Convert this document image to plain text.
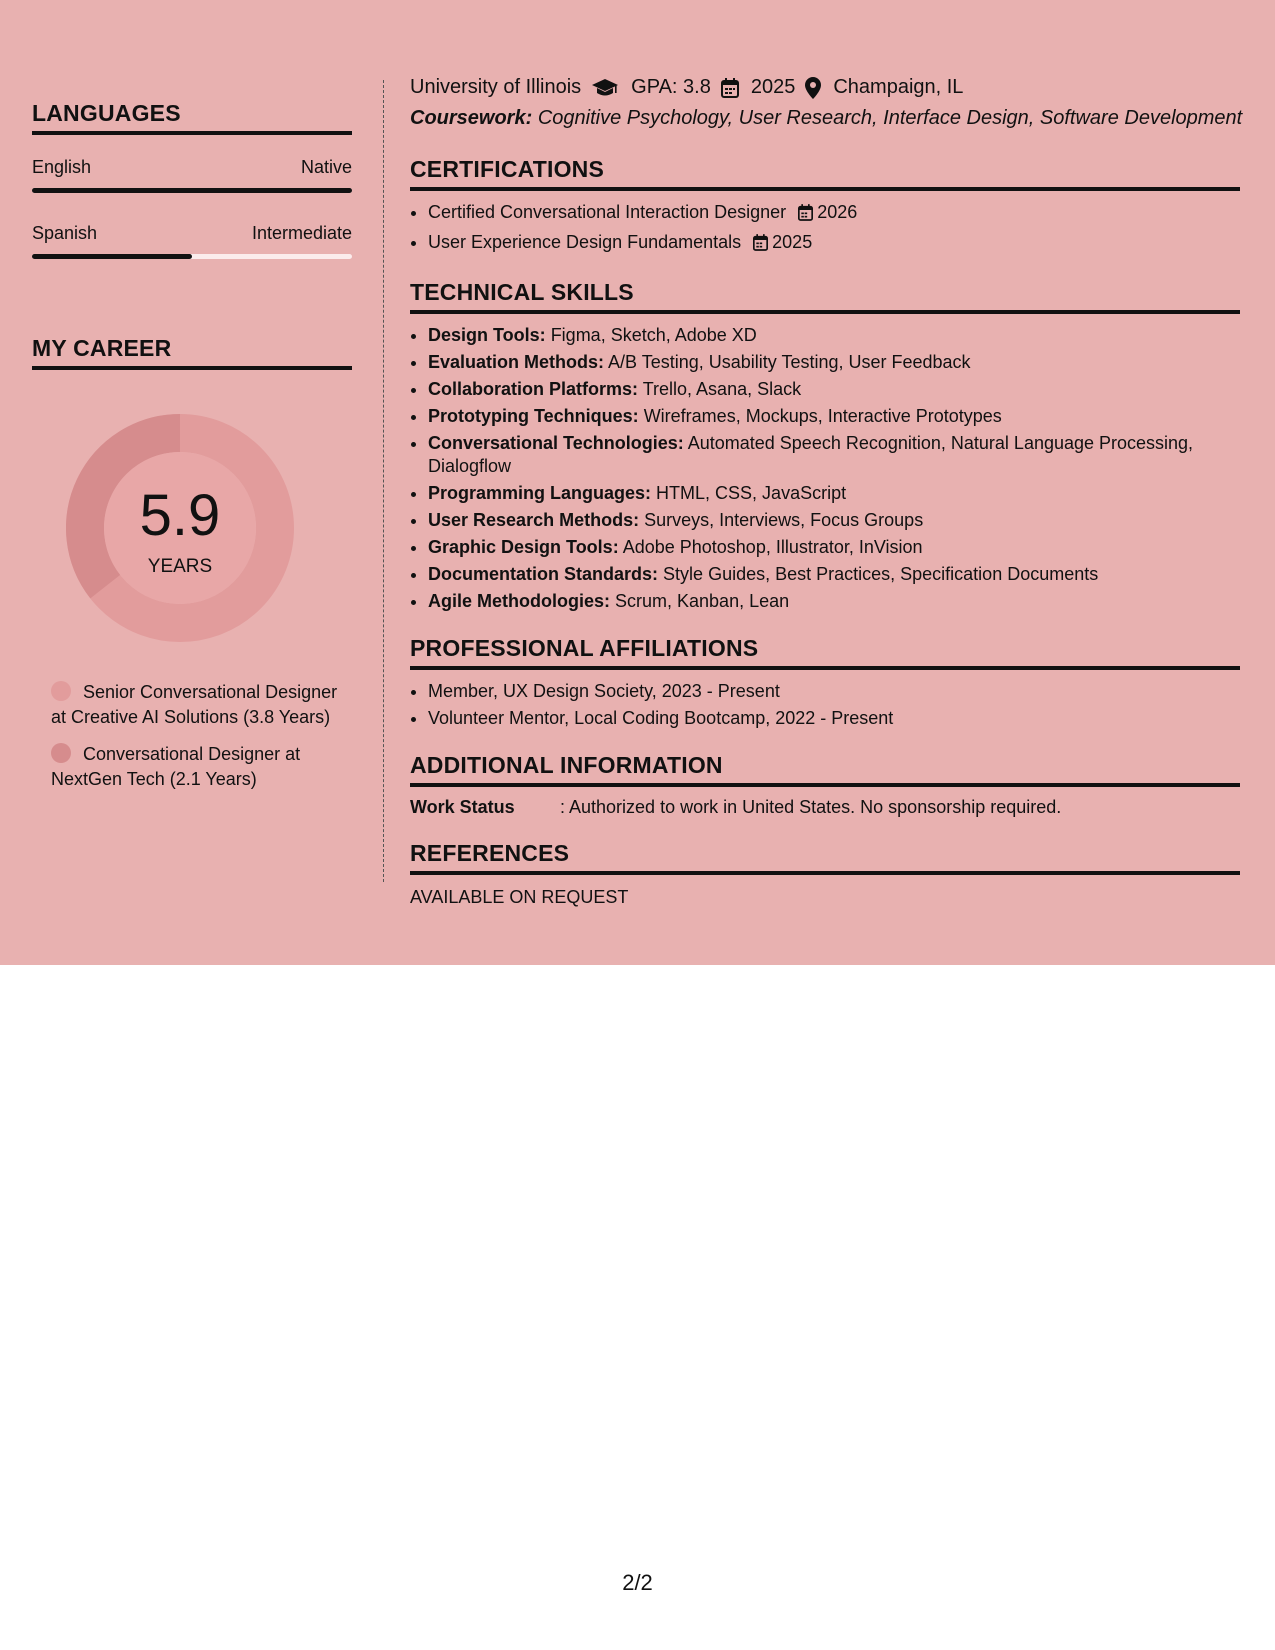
LANGUAGES
English	Native
Spanish	Intermediate
MY CAREER
5.9
YEARS
Senior Conversational Designer at Creative AI Solutions (3.8 Years)
Conversational Designer at NextGen Tech (2.1 Years)
University of Illinois	GPA: 3.8 2025 Champaign, IL
Coursework: Cognitive Psychology, User Research, Interface Design, Software Development
CERTIFICATIONS
• Certified Conversational Interaction Designer 2026
• User Experience Design Fundamentals 2025
TECHNICAL SKILLS
• Design Tools: Figma, Sketch, Adobe XD
• Evaluation Methods: A/B Testing, Usability Testing, User Feedback
• Collaboration Platforms: Trello, Asana, Slack
• Prototyping Techniques: Wireframes, Mockups, Interactive Prototypes
• Conversational Technologies: Automated Speech Recognition, Natural Language Processing, Dialogflow
• Programming Languages: HTML, CSS, JavaScript
• User Research Methods: Surveys, Interviews, Focus Groups
• Graphic Design Tools: Adobe Photoshop, Illustrator, InVision
• Documentation Standards: Style Guides, Best Practices, Specification Documents
• Agile Methodologies: Scrum, Kanban, Lean
PROFESSIONAL AFFILIATIONS
• Member, UX Design Society, 2023 - Present
• Volunteer Mentor, Local Coding Bootcamp, 2022 - Present
ADDITIONAL INFORMATION
Work Status	: Authorized to work in United States. No sponsorship required.
REFERENCES
AVAILABLE ON REQUEST
2/2
